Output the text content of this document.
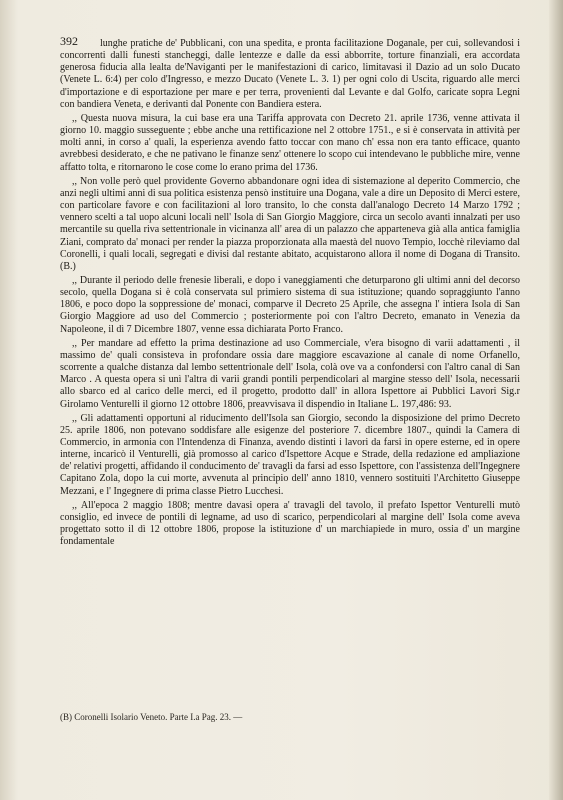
392	lunghe pratiche de' Pubblicani, con una spedita, e pronta facilitazione Doganale, per cui, sollevandosi i concorrenti dalli funesti stancheggi, dalle lentezze e dalle da essi abborrite, torture finanziali, era accordata generosa fiducia alla lealta de'Naviganti per le manifestazioni di carico, limitavasi il Dazio ad un solo Ducato (Venete L. 6:4) per colo d'Ingresso, e mezzo Ducato (Venete L. 3. 1) per ogni colo di Uscita, riguardo alle merci d'importazione e di esportazione per mare e per terra, provenienti dal Levante e dal Golfo, caricate sopra Legni con bandiera Veneta, e derivanti dal Ponente con Bandiera estera.

,, Questa nuova misura, la cui base era una Tariffa approvata con Decreto 21. aprile 1736, venne attivata il giorno 10. maggio susseguente ; ebbe anche una rettificazione nel 2 ottobre 1751., e si è conservata in attività per molti anni, in corso a' quali, la esperienza avendo fatto toccar con mano ch' essa non era tanto efficace, quanto avrebbesi desiderato, e che ne pativano le finanze senz' ottenere lo scopo cui intendevano le pubbliche mire, venne affatto tolta, e ritornarono le cose come lo erano prima del 1736.

,, Non volle però quel providente Governo abbandonare ogni idea di sistemazione al deperito Commercio, che anzi negli ultimi anni di sua politica esistenza pensò instituire una Dogana, vale a dire un Deposito di Merci estere, con particolare favore e con facilitazioni al loro transito, lo che consta dall'analogo Decreto 14 Marzo 1792 ; vennero scelti a tal uopo alcuni locali nell' Isola di San Giorgio Maggiore, circa un secolo avanti innalzati per uso mercantile su quella riva settentrionale in vicinanza all' area di un palazzo che appartenevа già alla antica famiglia Ziani, comprato da' monaci per render la piazza proporzionata alla maestà del nuovo Tempio, locchè rileviamo dal Coronelli, i quali locali, segregati e divisi dal restante abitato, acquistarono allora il nome di Dogana di Transito. (B.)

,, Durante il periodo delle frenesie liberali, e dopo i vaneggiamenti che deturparono gli ultimi anni del decorso secolo, quella Dogana si è colà conservata sul primiero sistema di sua istituzione; quando sopraggiunto l'anno 1806, e poco dopo la soppressione de' monaci, comparve il Decreto 25 Aprile, che assegna l' intiera Isola di San Giorgio Maggiore ad uso del Commercio ; posteriormente poi con l'altro Decreto, emanato in Venezia da Napoleone, il dì 7 Dicembre 1807, venne essa dichiarata Porto Franco.

,, Per mandare ad effetto la prima destinazione ad uso Commerciale, v'era bisogno di varii adattamenti , il massimo de' quali consisteva in profondare ossia dare maggiore escavazione al canale di nome Orfanello, scorrente a qualche distanza dal lembo settentrionale dell' Isola, colà ove va a confondersi con l'altro canal di San Marco . A questa opera si unì l'altra di varii grandi pontili perpendicolari al margine stesso dell' Isola, necessarii allo sbarco ed al carico delle merci, ed il progetto, prodotto dall' in allora Ispettore ai Pubblici Lavori Sig.r Girolamo Venturelli il giorno 12 ottobre 1806, preavvisava il dispendio in Italiane L. 197,486: 93.

,, Gli adattamenti opportuni al riducimento dell'Isola san Giorgio, secondo la disposizione del primo Decreto 25. aprile 1806, non potevano soddisfare alle esigenze del posteriore 7. dicembre 1807., quindi la Camera di Commercio, in armonia con l'Intendenza di Finanza, avendo distinti i lavori da farsi in opere esterne, ed in opere interne, incaricò il Venturelli, già promosso al carico d'Ispettore Acque e Strade, della redazione ed ampliazione de' relativi progetti, affidando il conducimento de' travagli da farsi ad esso Ispettore, con l'assistenza dell'Ingegnere Capitano Zola, dopo la cui morte, avvenuta al principio dell' anno 1810, vennero sostituiti l'Architetto Giuseppe Mezzani, e l' Ingegnere di prima classe Pietro Lucchesi.

,, All'epoca 2 maggio 1808; mentre davasi opera a' travagli del tavolo, il prefato Ispettor Venturelli mutò consiglio, ed invece de pontili di legname, ad uso di scarico, perpendicolari al margine dell' Isola come aveva progettato sotto il dì 12 ottobre 1806, propose la istituzione d' un marchiapiede in muro, ossia d' un margine fondamentale

(B) Coronelli Isolario Veneto. Parte I.a Pag. 23. —
